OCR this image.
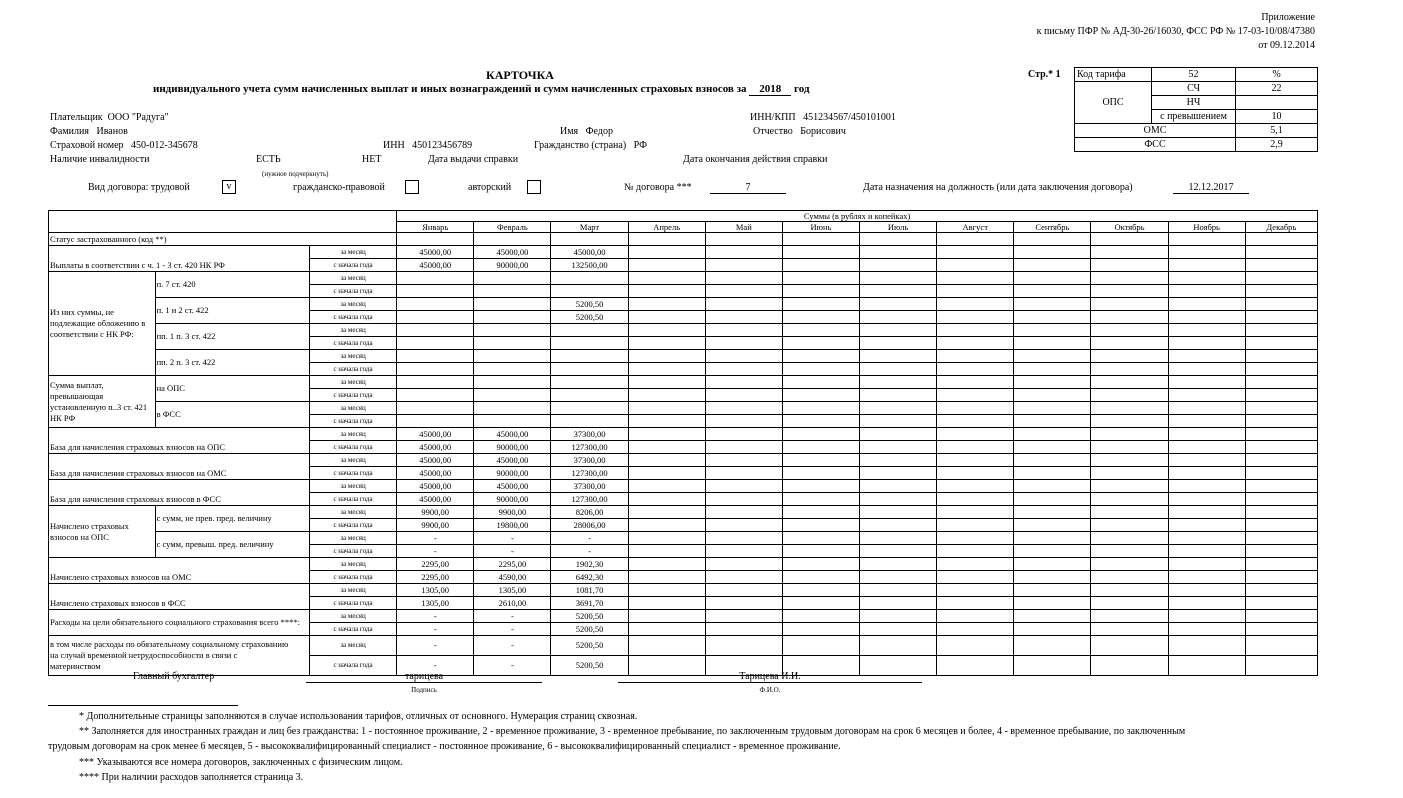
Приложение
к письму ПФР № АД-30-26/16030, ФСС РФ № 17-03-10/08/47380
от 09.12.2014
КАРТОЧКА
индивидуального учета сумм начисленных выплат и иных вознаграждений и сумм начисленных страховых взносов за 2018 год
Стр.* 1 Код тарифа	52	%
ОПС	СЧ	22
	НЧ	
	с превышением	10
ОМС		5,1
ФСС		2,9
Плательщик ООО "Радуга"	ИНН/КПП 451234567/450101001
Фамилия Иванов	Имя Федор	Отчество Борисович
Страховой номер 450-012-345678	ИНН 450123456789	Гражданство (страна) РФ
Наличие инвалидности	ЕСТЬ	НЕТ
(нужное подчеркнуть)
Дата выдачи справки	Дата окончания действия справки
Вид договора: трудовой	v	гражданско-правовой	авторский	№ договора ***	7	Дата назначения на должность (или дата заключения договора)	12.12.2017
			Суммы (в рублях и копейках)											
			Январь	Февраль	Март	Апрель	Май	Июнь	Июль	Август	Сентябрь	Октябрь	Ноябрь	Декабрь
Статус застрахованного (код **)														
Выплаты в соответствии с ч. 1 - 3 ст. 420 НК РФ		за месяц	45000,00	45000,00	45000,00									
		с начала года	45000,00	90000,00	132500,00									
Из них суммы, не подлежащие обложению в соответствии с НК РФ:	п. 7 ст. 420	за месяц												
		с начала года												
	п. 1 и 2 ст. 422	за месяц			5200,50									
		с начала года			5200,50									
	пп. 1 п. 3 ст. 422	за месяц												
		с начала года												
	пп. 2 п. 3 ст. 422	за месяц												
		с начала года												
Сумма выплат, превышающая установленную п..3 ст. 421 НК РФ	на ОПС	за месяц												
		с начала года												
	в ФСС	за месяц												
		с начала года												
База для начисления страховых взносов на ОПС		за месяц	45000,00	45000,00	37300,00									
		с начала года	45000,00	90000,00	127300,00									
База для начисления страховых взносов на ОМС		за месяц	45000,00	45000,00	37300,00									
		с начала года	45000,00	90000,00	127300,00									
База для начисления страховых взносов в ФСС		за месяц	45000,00	45000,00	37300,00									
		с начала года	45000,00	90000,00	127300,00									
Начислено страховых взносов на ОПС	с сумм, не прев. пред. величину	за месяц	9900,00	9900,00	8206,00									
		с начала года	9900,00	19800,00	28006,00									
	с сумм, превыш. пред. величину	за месяц	-	-	-									
		с начала года	-	-	-									
Начислено страховых взносов на ОМС		за месяц	2295,00	2295,00	1902,30									
		с начала года	2295,00	4590,00	6492,30									
Начислено страховых взносов в ФСС		за месяц	1305,00	1305,00	1081,70									
		с начала года	1305,00	2610,00	3691,70									
Расходы на цели обязательного социального страхования всего ****:		за месяц	-	-	5200,50									
		с начала года	-	-	5200,50									
в том числе расходы по обязательному социальному страхованию на случай временной нетрудоспособности в связи с материнством		за месяц	-	-	5200,50									
		с начала года	-	-	5200,50									
Главный бухгалтер	тарицева
Подпись
Тарицева И.И.
Ф.И.О.
* Дополнительные страницы заполняются в случае использования тарифов, отличных от основного. Нумерация страниц сквозная.
** Заполняется для иностранных граждан и лиц без гражданства: 1 - постоянное проживание, 2 - временное проживание, 3 - временное пребывание, по заключенным трудовым договорам на срок 6 месяцев и более, 4 - временное пребывание, по заключенным
трудовым договорам на срок менее 6 месяцев, 5 - высококвалифицированный специалист - постоянное проживание, 6 - высококвалифицированный специалист - временное проживание.
*** Указываются все номера договоров, заключенных с физическим лицом.
**** При наличии расходов заполняется страница 3.
